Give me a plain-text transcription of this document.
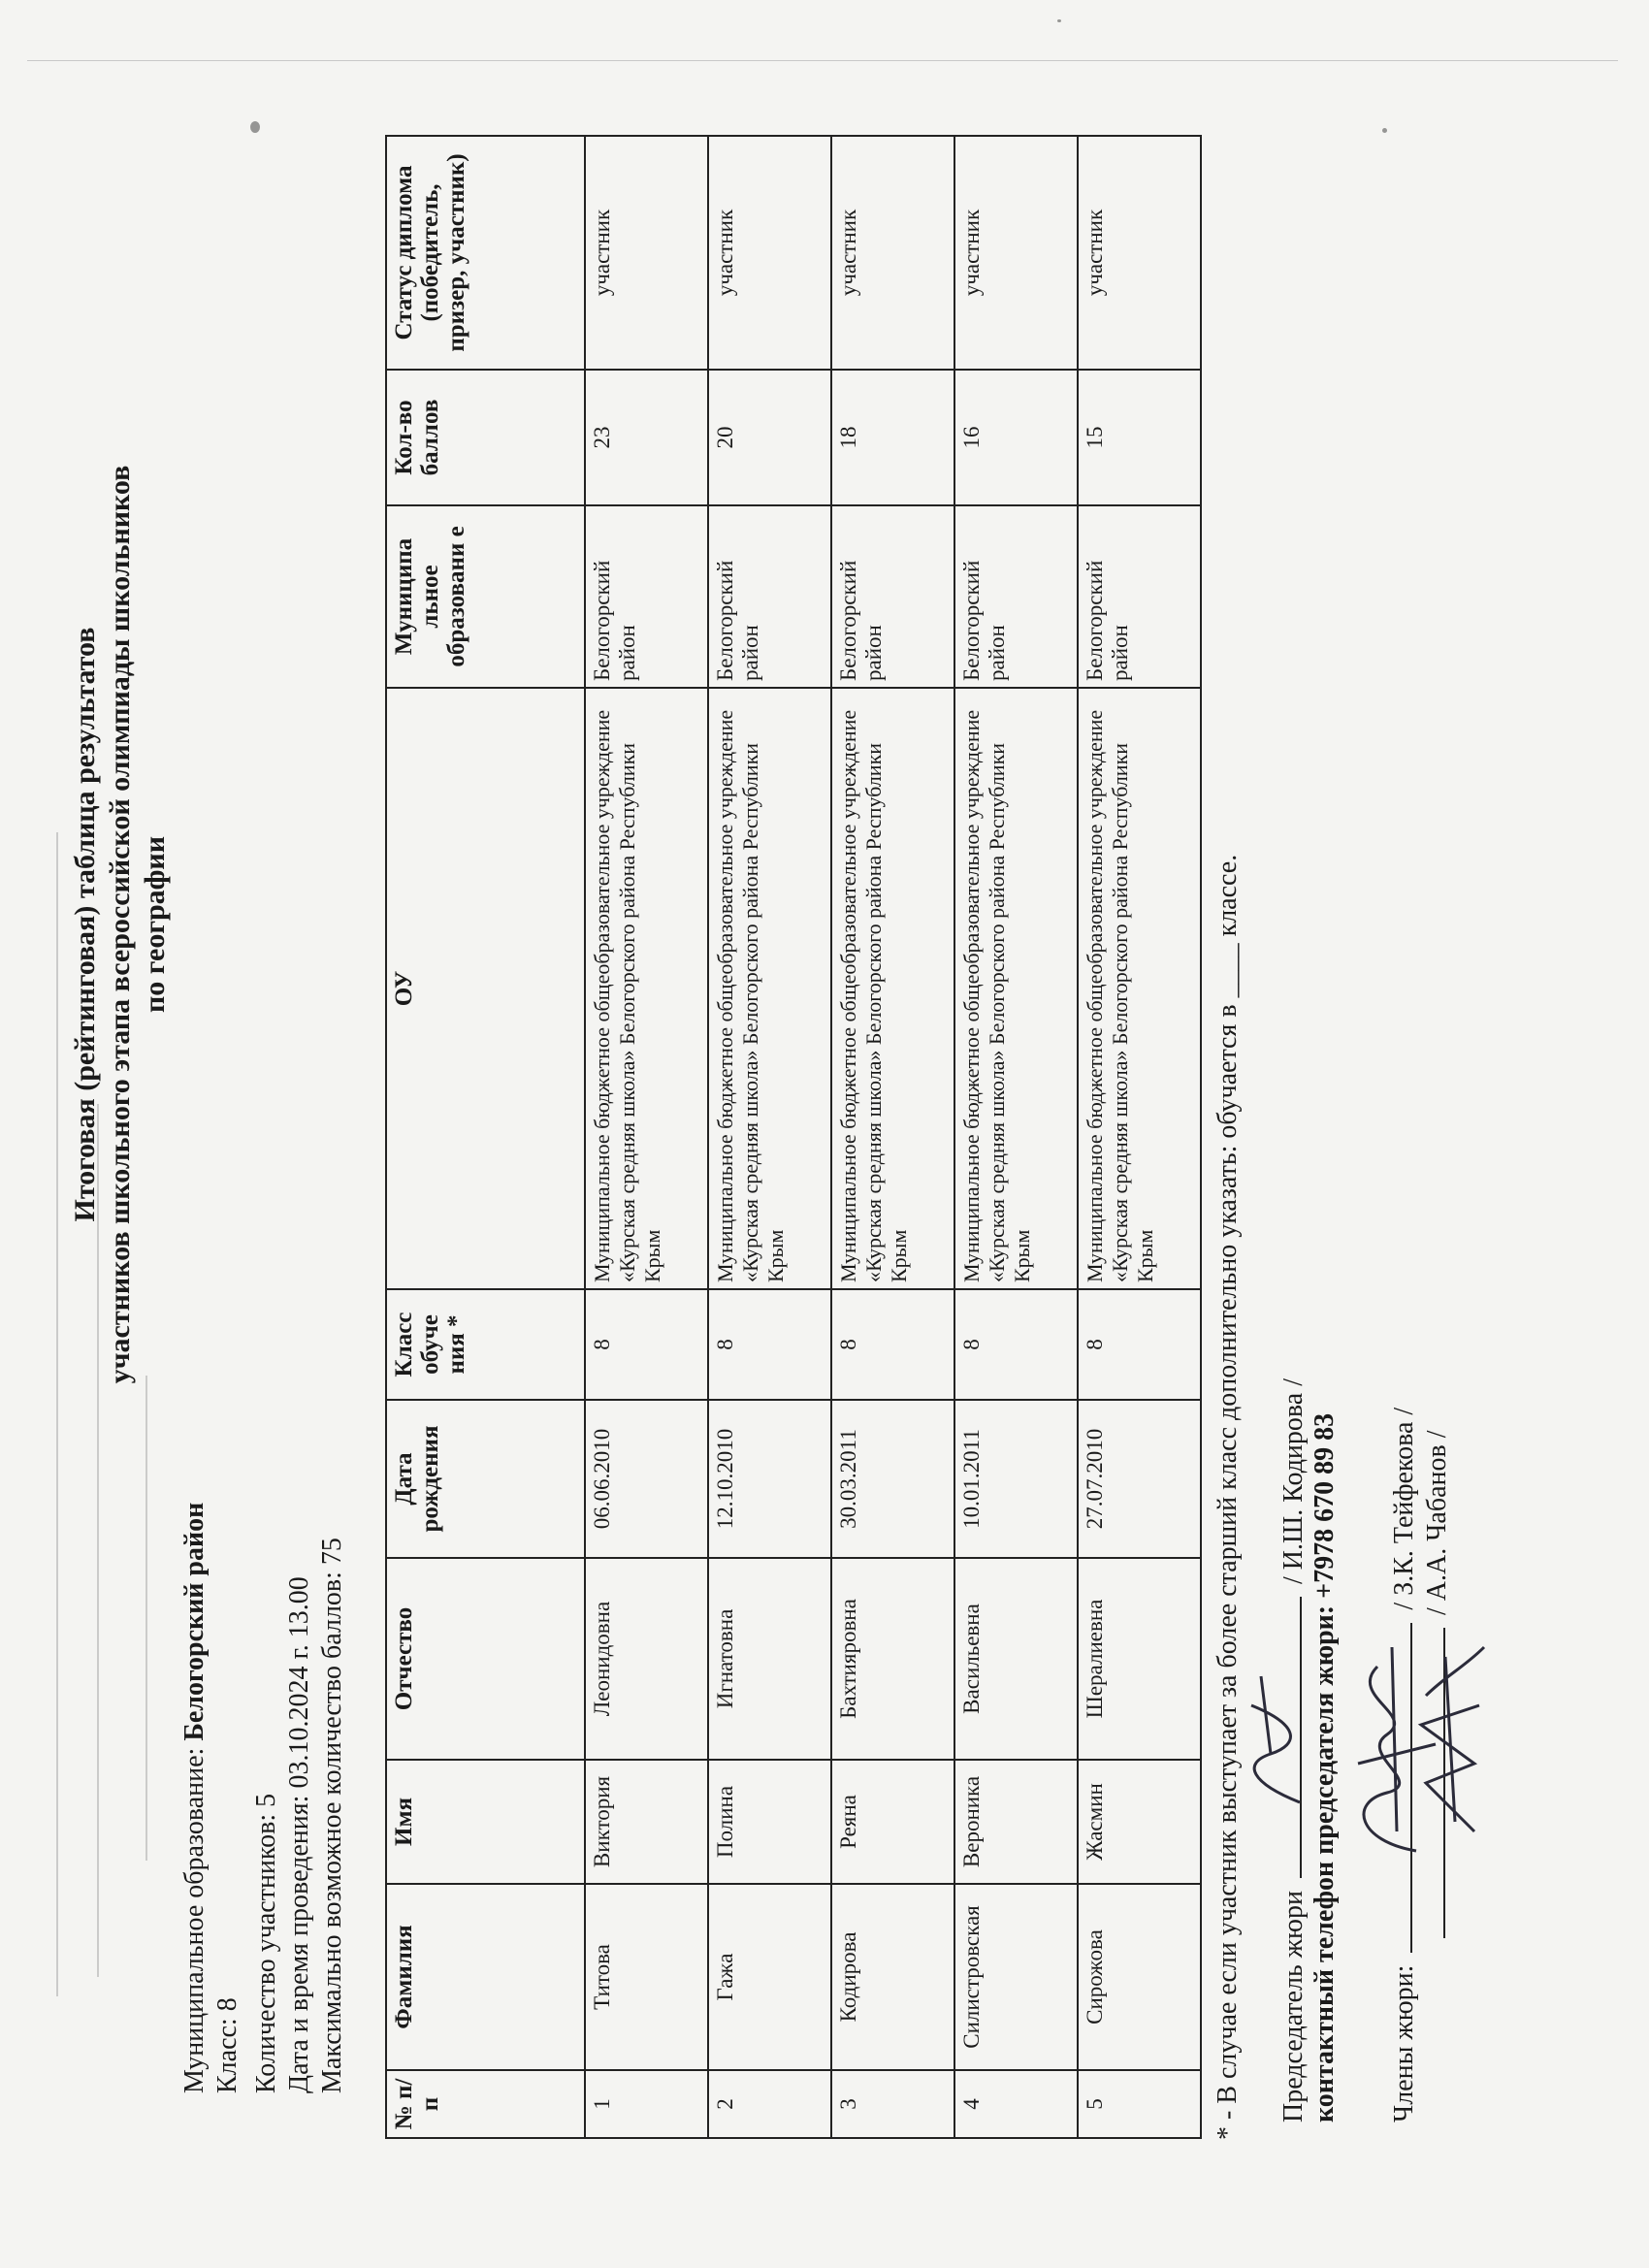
Итоговая (рейтинговая) таблица результатов участников школьного этапа всероссийской олимпиады школьников по географии
Муниципальное образование: Белогорский район
Класс: 8 Количество участников: 5 Дата и время проведения: 03.10.2024 г. 13.00 Максимально возможное количество баллов: 75
№ п/п	Фамилия	Имя	Отчество	Дата рождения	Класс обуче ния *	ОУ	Муниципа льное образовани е	Кол-во баллов	Статус диплома (победитель, призер, участник)
1	Титова	Виктория	Леонидовна	06.06.2010	8	Муниципальное бюджетное общеобразовательное учреждение «Курская средняя школа» Белогорского района Республики Крым	Белогорский район	23	участник
2	Гажа	Полина	Игнатовна	12.10.2010	8	Муниципальное бюджетное общеобразовательное учреждение «Курская средняя школа» Белогорского района Республики Крым	Белогорский район	20	участник
3	Кодирова	Реяна	Бахтияровна	30.03.2011	8	Муниципальное бюджетное общеобразовательное учреждение «Курская средняя школа» Белогорского района Республики Крым	Белогорский район	18	участник
4	Силистровская	Вероника	Васильевна	10.01.2011	8	Муниципальное бюджетное общеобразовательное учреждение «Курская средняя школа» Белогорского района Республики Крым	Белогорский район	16	участник
5	Сирожова	Жасмин	Шералиевна	27.07.2010	8	Муниципальное бюджетное общеобразовательное учреждение «Курская средняя школа» Белогорского района Республики Крым	Белогорский район	15	участник
* - В случае если участник выступает за более старший класс дополнительно указать: обучается в ____ классе. Председатель жюри  / И.Ш. Кодирова /
контактный телефон председателя жюри: +7978 670 89 83
Члены жюри:  / З.К. Тейфекова / / А.А. Чабанов /
